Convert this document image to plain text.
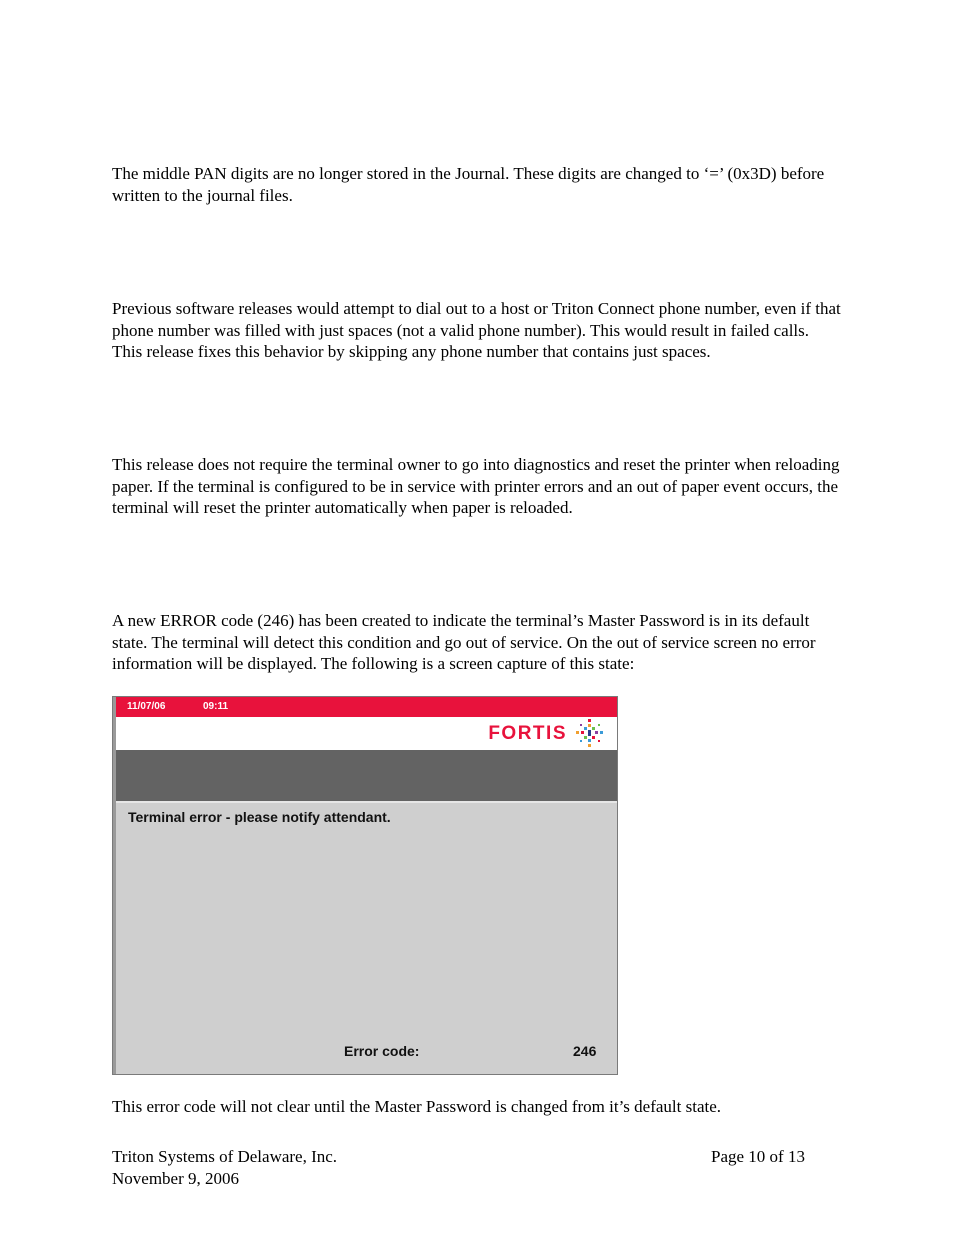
The middle PAN digits are no longer stored in the Journal. These digits are changed to ‘=’ (0x3D) before written to the journal files.

Previous software releases would attempt to dial out to a host or Triton Connect phone number, even if that phone number was filled with just spaces (not a valid phone number). This would result in failed calls. This release fixes this behavior by skipping any phone number that contains just spaces.

This release does not require the terminal owner to go into diagnostics and reset the printer when reloading paper. If the terminal is configured to be in service with printer errors and an out of paper event occurs, the terminal will reset the printer automatically when paper is reloaded.

A new ERROR code (246) has been created to indicate the terminal’s Master Password is in its default state. The terminal will detect this condition and go out of service. On the out of service screen no error information will be displayed. The following is a screen capture of this state:

11/07/06	09:11
FORTIS
Terminal error - please notify attendant.
Error code:	246

This error code will not clear until the Master Password is changed from it’s default state.

Triton Systems of Delaware, Inc.
November 9, 2006
Page 10 of 13
